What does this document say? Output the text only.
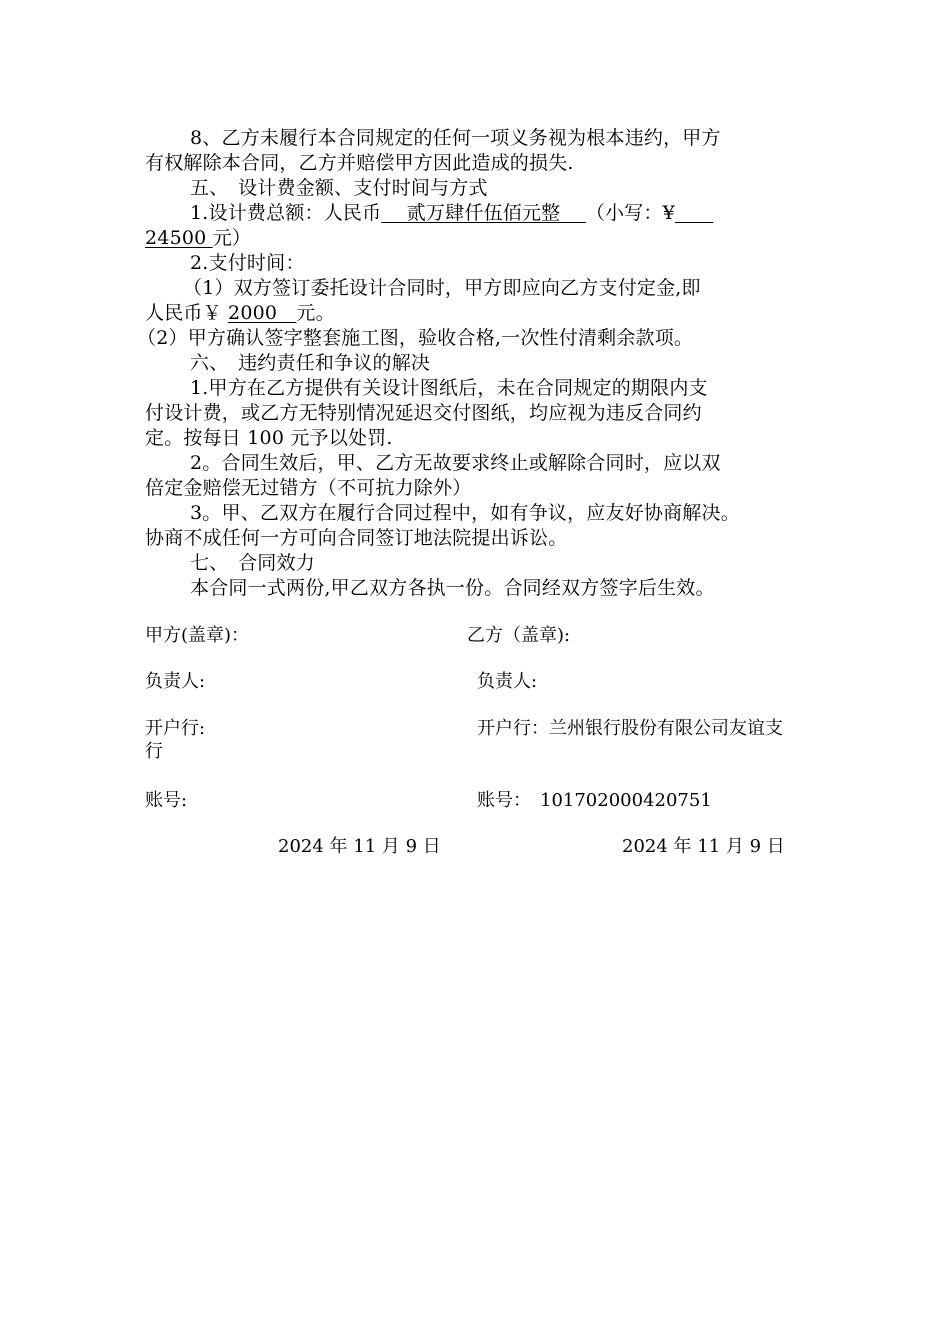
8、乙方未履行本合同规定的任何一项义务视为根本违约，甲方
有权解除本合同，乙方并赔偿甲方因此造成的损失.
五、　设计费金额、支付时间与方式
1.设计费总额：人民币　 贰万肆仟伍佰元整　 （小写：¥　　
24500 元）
2.支付时间：
（1）双方签订委托设计合同时，甲方即应向乙方支付定金,即
人民币￥ 2000　元。
（2）甲方确认签字整套施工图，验收合格,一次性付清剩余款项。
六、　违约责任和争议的解决
1.甲方在乙方提供有关设计图纸后，未在合同规定的期限内支
付设计费，或乙方无特别情况延迟交付图纸，均应视为违反合同约
定。按每日 100 元予以处罚.
2。合同生效后，甲、乙方无故要求终止或解除合同时，应以双
倍定金赔偿无过错方（不可抗力除外）
3。甲、乙双方在履行合同过程中，如有争议，应友好协商解决。
协商不成任何一方可向合同签订地法院提出诉讼。
七、　合同效力
本合同一式两份,甲乙双方各执一份。合同经双方签字后生效。
甲方(盖章)：	乙方（盖章):
负责人:	负责人:
开户行:	开户行：兰州银行股份有限公司友谊支
行
账号:	账号：　101702000420751
2024 年 11 月 9 日	2024 年 11 月 9 日
